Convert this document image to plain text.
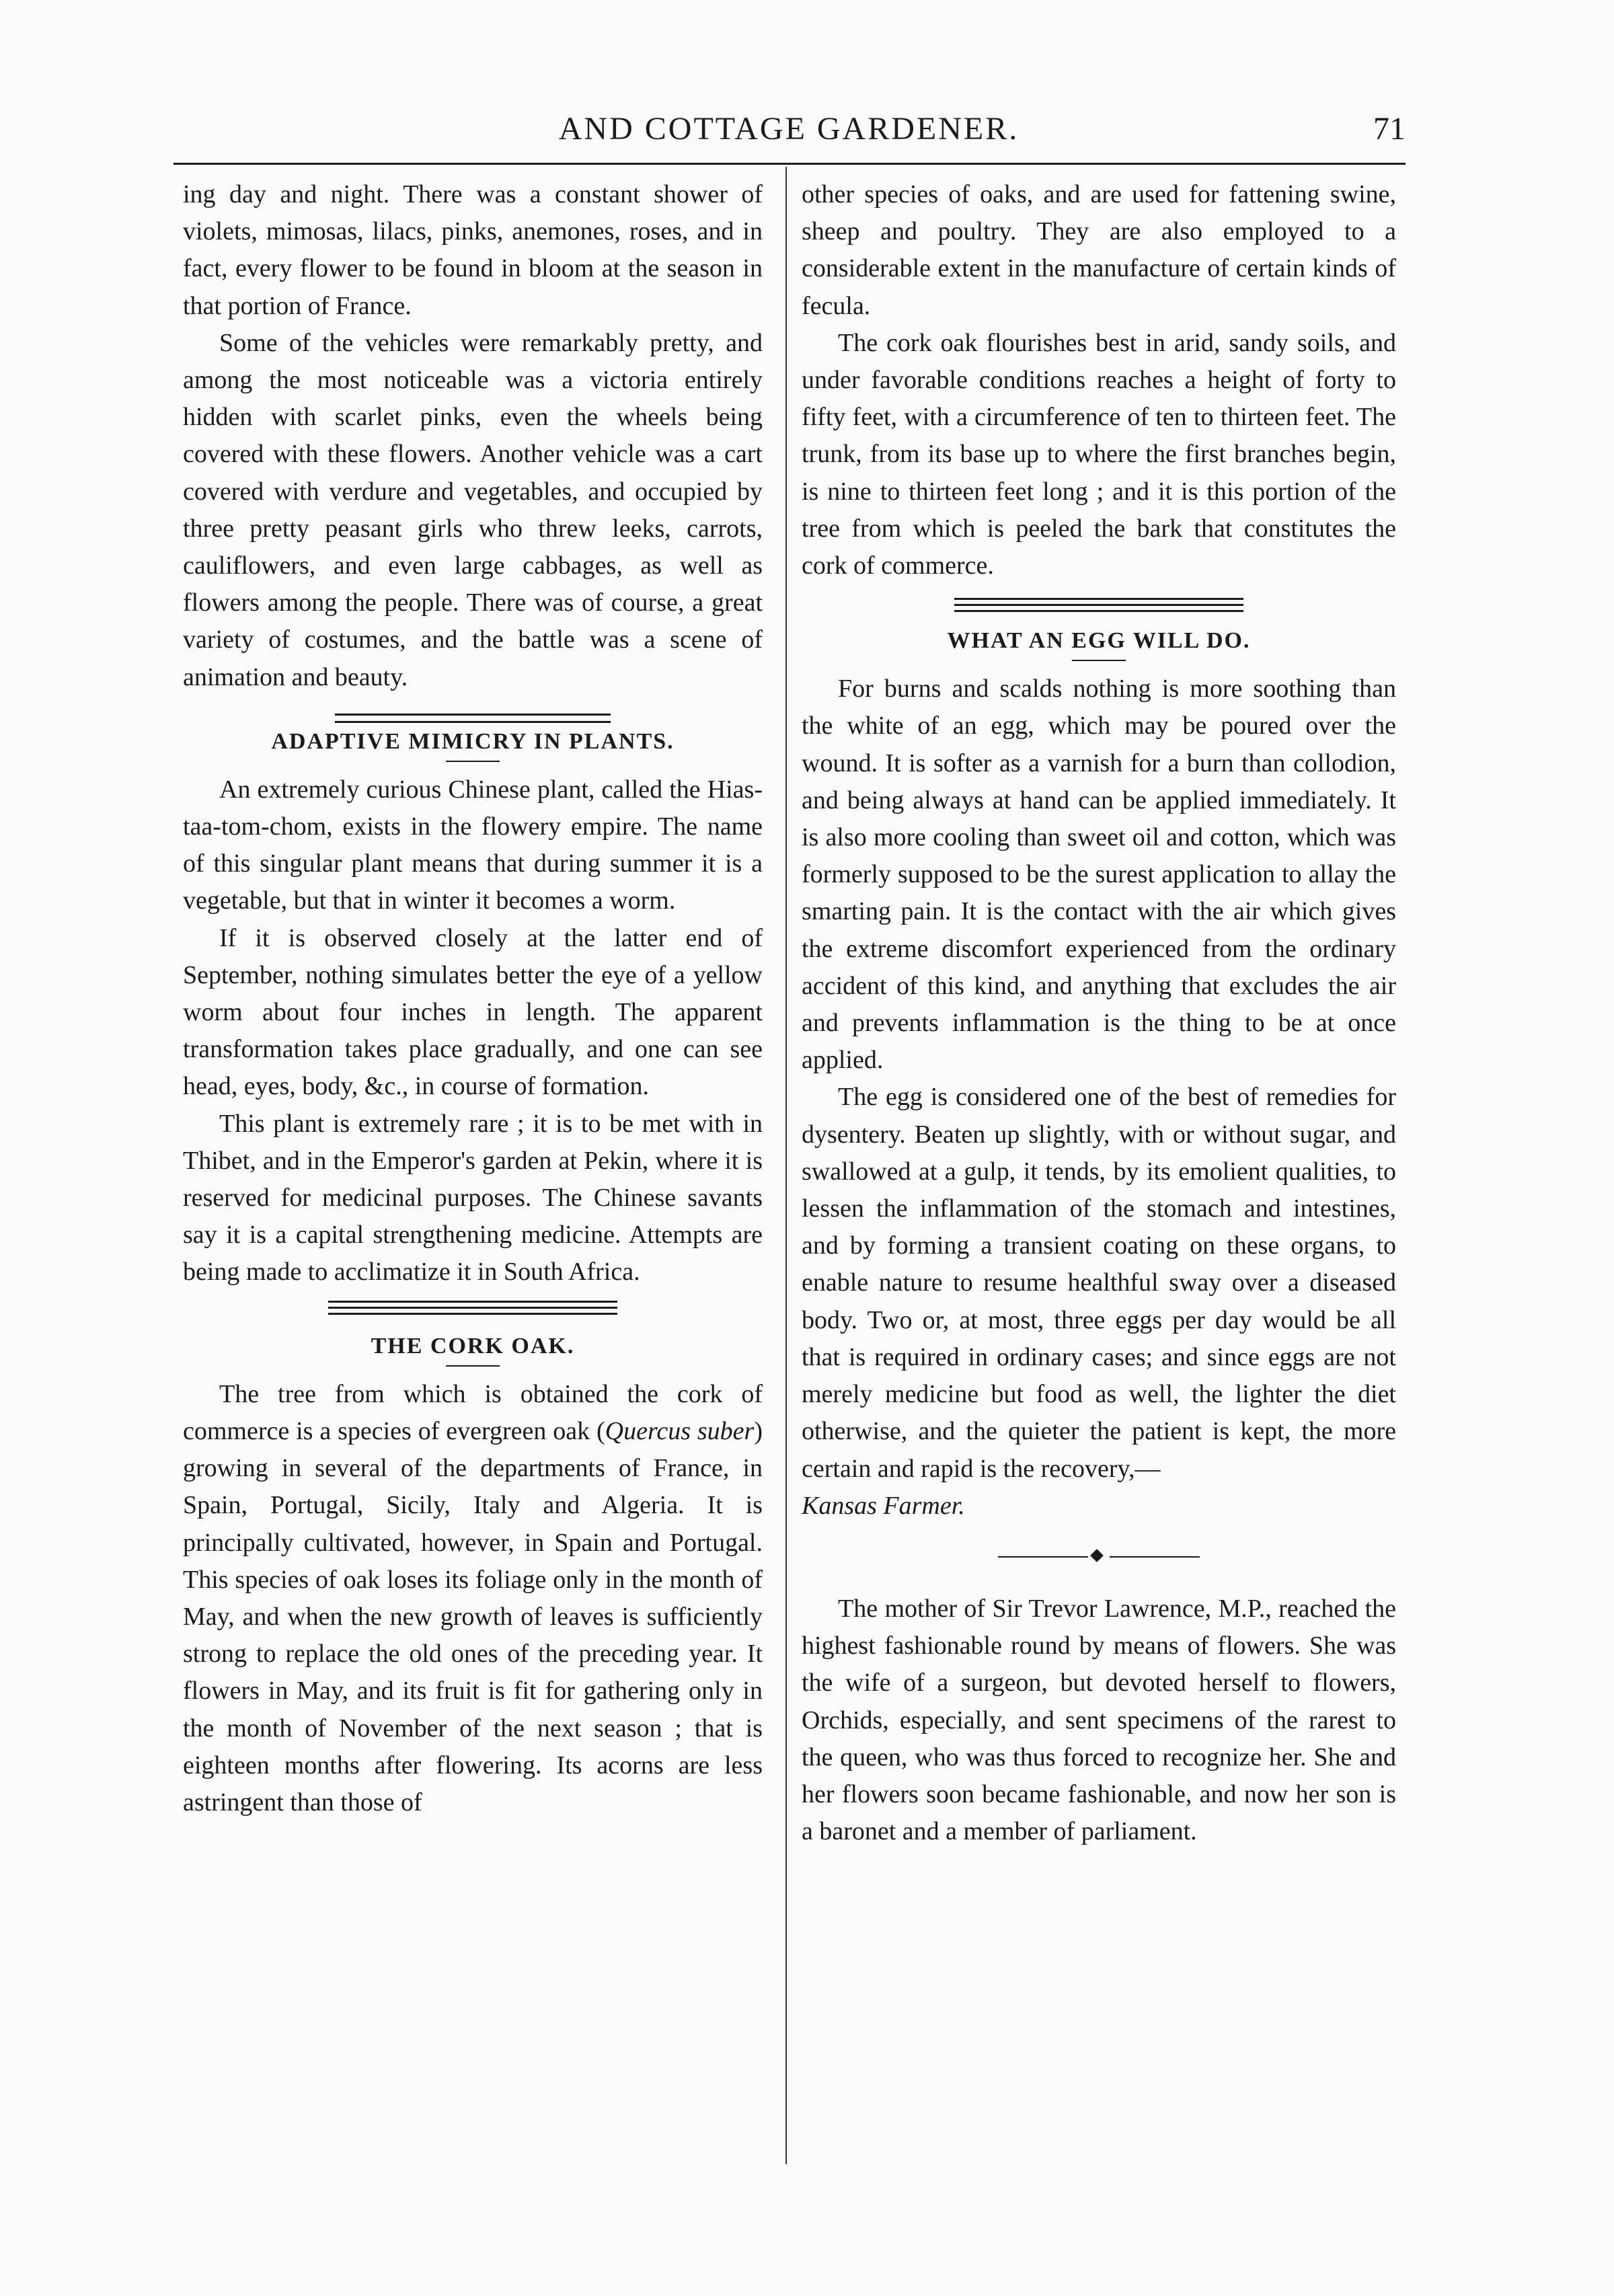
AND COTTAGE GARDENER.	71

ing day and night. There was a constant shower of violets, mimosas, lilacs, pinks, anemones, roses, and in fact, every flower to be found in bloom at the season in that portion of France.

Some of the vehicles were remarkably pretty, and among the most noticeable was a victoria entirely hidden with scarlet pinks, even the wheels being covered with these flowers. Another vehicle was a cart covered with verdure and vegetables, and occupied by three pretty peasant girls who threw leeks, carrots, cauliflowers, and even large cabbages, as well as flowers among the people. There was of course, a great variety of costumes, and the battle was a scene of animation and beauty.

ADAPTIVE MIMICRY IN PLANTS.

An extremely curious Chinese plant, called the Hias-taa-tom-chom, exists in the flowery empire. The name of this singular plant means that during summer it is a vegetable, but that in winter it becomes a worm.

If it is observed closely at the latter end of September, nothing simulates better the eye of a yellow worm about four inches in length. The apparent transformation takes place gradually, and one can see head, eyes, body, &c., in course of formation.

This plant is extremely rare ; it is to be met with in Thibet, and in the Emperor's garden at Pekin, where it is reserved for medicinal purposes. The Chinese savants say it is a capital strengthening medicine. Attempts are being made to acclimatize it in South Africa.

THE CORK OAK.

The tree from which is obtained the cork of commerce is a species of evergreen oak (Quercus suber) growing in several of the departments of France, in Spain, Portugal, Sicily, Italy and Algeria. It is principally cultivated, however, in Spain and Portugal. This species of oak loses its foliage only in the month of May, and when the new growth of leaves is sufficiently strong to replace the old ones of the preceding year. It flowers in May, and its fruit is fit for gathering only in the month of November of the next season ; that is eighteen months after flowering. Its acorns are less astringent than those of

other species of oaks, and are used for fattening swine, sheep and poultry. They are also employed to a considerable extent in the manufacture of certain kinds of fecula.

The cork oak flourishes best in arid, sandy soils, and under favorable conditions reaches a height of forty to fifty feet, with a circumference of ten to thirteen feet. The trunk, from its base up to where the first branches begin, is nine to thirteen feet long ; and it is this portion of the tree from which is peeled the bark that constitutes the cork of commerce.

WHAT AN EGG WILL DO.

For burns and scalds nothing is more soothing than the white of an egg, which may be poured over the wound. It is softer as a varnish for a burn than collodion, and being always at hand can be applied immediately. It is also more cooling than sweet oil and cotton, which was formerly supposed to be the surest application to allay the smarting pain. It is the contact with the air which gives the extreme discomfort experienced from the ordinary accident of this kind, and anything that excludes the air and prevents inflammation is the thing to be at once applied.

The egg is considered one of the best of remedies for dysentery. Beaten up slightly, with or without sugar, and swallowed at a gulp, it tends, by its emolient qualities, to lessen the inflammation of the stomach and intestines, and by forming a transient coating on these organs, to enable nature to resume healthful sway over a diseased body. Two or, at most, three eggs per day would be all that is required in ordinary cases; and since eggs are not merely medicine but food as well, the lighter the diet otherwise, and the quieter the patient is kept, the more certain and rapid is the recovery,—

Kansas Farmer.

The mother of Sir Trevor Lawrence, M.P., reached the highest fashionable round by means of flowers. She was the wife of a surgeon, but devoted herself to flowers, Orchids, especially, and sent specimens of the rarest to the queen, who was thus forced to recognize her. She and her flowers soon became fashionable, and now her son is a baronet and a member of parliament.
